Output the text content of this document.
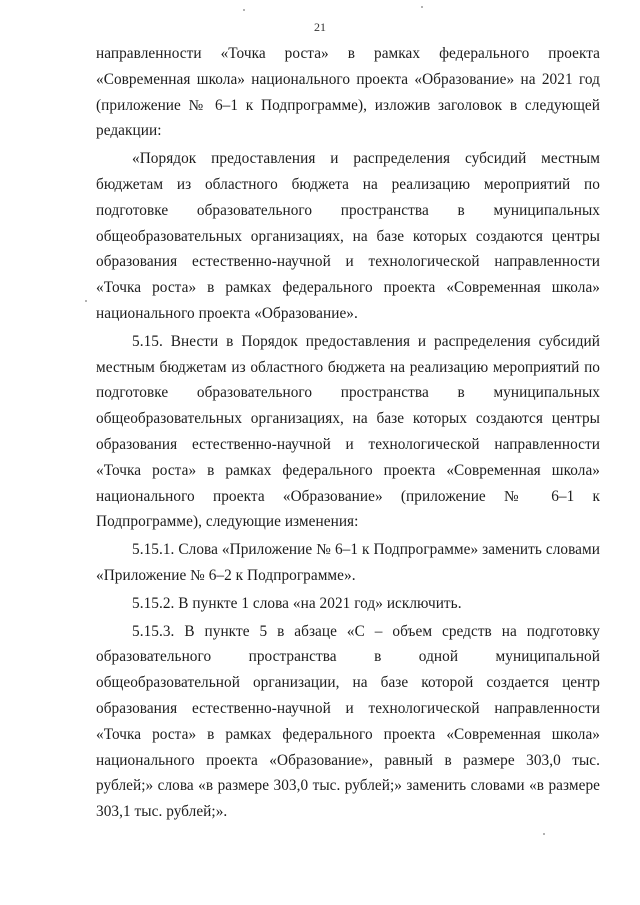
21

направленности «Точка роста» в рамках федерального проекта «Современная школа» национального проекта «Образование» на 2021 год (приложение № 6–1 к Подпрограмме), изложив заголовок в следующей редакции:

«Порядок предоставления и распределения субсидий местным бюджетам из областного бюджета на реализацию мероприятий по подготовке образовательного пространства в муниципальных общеобразовательных организациях, на базе которых создаются центры образования естественно-научной и технологической направленности «Точка роста» в рамках федерального проекта «Современная школа» национального проекта «Образование».

5.15. Внести в Порядок предоставления и распределения субсидий местным бюджетам из областного бюджета на реализацию мероприятий по подготовке образовательного пространства в муниципальных общеобразовательных организациях, на базе которых создаются центры образования естественно-научной и технологической направленности «Точка роста» в рамках федерального проекта «Современная школа» национального проекта «Образование» (приложение № 6–1 к Подпрограмме), следующие изменения:

5.15.1. Слова «Приложение № 6–1 к Подпрограмме» заменить словами «Приложение № 6–2 к Подпрограмме».

5.15.2. В пункте 1 слова «на 2021 год» исключить.

5.15.3. В пункте 5 в абзаце «С – объем средств на подготовку образовательного пространства в одной муниципальной общеобразовательной организации, на базе которой создается центр образования естественно-научной и технологической направленности «Точка роста» в рамках федерального проекта «Современная школа» национального проекта «Образование», равный в размере 303,0 тыс. рублей;» слова «в размере 303,0 тыс. рублей;» заменить словами «в размере 303,1 тыс. рублей;».
